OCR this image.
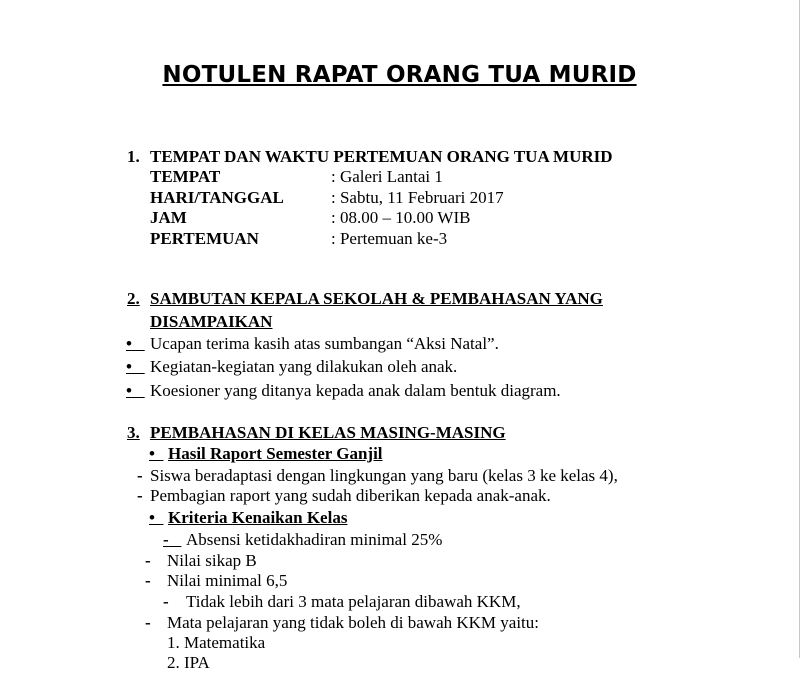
NOTULEN RAPAT ORANG TUA MURID
1. TEMPAT DAN WAKTU PERTEMUAN ORANG TUA MURID
TEMPAT	: Galeri Lantai 1
HARI/TANGGAL	: Sabtu, 11 Februari 2017
JAM	: 08.00 – 10.00 WIB
PERTEMUAN	: Pertemuan ke-3
2. SAMBUTAN KEPALA SEKOLAH & PEMBAHASAN YANG
DISAMPAIKAN
•	Ucapan terima kasih atas sumbangan “Aksi Natal”.
•	Kegiatan-kegiatan yang dilakukan oleh anak.
•	Koesioner yang ditanya kepada anak dalam bentuk diagram.
3. PEMBAHASAN DI KELAS MASING-MASING
• Hasil Raport Semester Ganjil
- Siswa beradaptasi dengan lingkungan yang baru (kelas 3 ke kelas 4),
- Pembagian raport yang sudah diberikan kepada anak-anak.
• Kriteria Kenaikan Kelas
-	Absensi ketidakhadiran minimal 25%
- Nilai sikap B
- Nilai minimal 6,5
- Tidak lebih dari 3 mata pelajaran dibawah KKM,
- Mata pelajaran yang tidak boleh di bawah KKM yaitu:
1. Matematika
2. IPA
